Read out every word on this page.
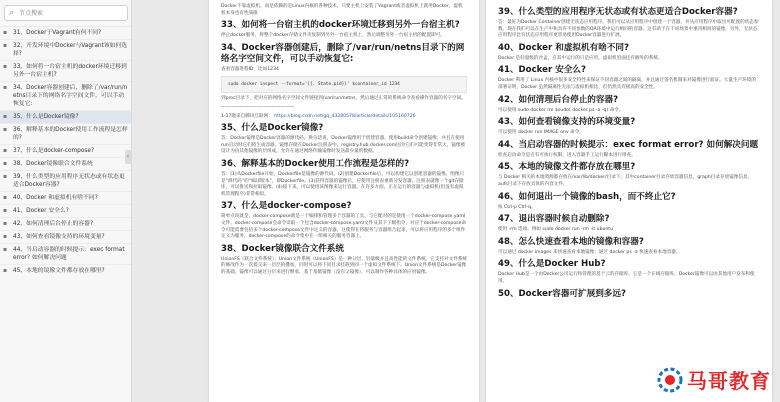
⌕
节点搜索
▪	31、Docker于Vagrant有何不同?
▪	32、开发环境中Docker与Vagrant该如何选择?
▪	33、如何将一台宿主机的docker环境迁移到另外一台宿主机?
▪	34、Docker容器创建后，删除了/var/run/netns目录下的网络名字空间文件，可以手动恢复它:
▪	35、什么是Docker镜像?
▪	36、解释基本的Docker使用工作流程是怎样的?
▪	37、什么是docker-compose?
▪	38、Docker镜像联合文件系统
▪	39、什么类型的应用程序无状态或有状态更适合Docker容器?
▪	40、Docker 和虚拟机有啥不同?
▪	41、Docker 安全么?
▪	42、如何清理后台停止的容器?
▪	43、如何查看镜像支持的环境变量?
▪	44、当启动容器的时候提示：exec format error? 如何解决问题
▪	45、本地的镜像文件都存放在哪里?
‹
Docker不靠虚拟机。而是依赖的是Linux内核的各种技术，只要主机上安装了Vagrant或者虚拟机上就用Docker，虚机机本身也有性质限
33、如何将一台宿主机的docker环境迁移到另外一台宿主机?
停止docker服务，将整个docker存储文件夹复制到另外一台宿主机上，然后调整另外一台宿主机的配置即可。
34、Docker容器创建后，删除了/var/run/netns目录下的网络名字空间文件，可以手动恢复它:
查看容器进程ID，比如1234
sudo docker inspect --format='{{. State.pid}}' $container_id 1234
到proc目录下，把对应的网络名字空间文件链接到/var/run/netns，然后通过正常的系统命令查看操作容器的名字空间。
————————————————
1-17题来自腾讯互联网： https://blog.csdn.net/gq_43280578/article/details/105160726
35、什么是Docker镜像?
答：Docker镜像是Docker容器的源代码。换句话说，Docker镜像用于创建容器。使用build命令创建镜像，并且在使用run启动时它们将生成容器。镜像存储在Docker注册表中，registry.hub.docker.com因为它们可能变得非常大，镜像被设计为由其他镜像的层组成，允许在通过网络传输镜像时发送最少量的数据。
36、解释基本的Docker使用工作流程是怎样的?
答：(1)从Dockerfile开始，Dockerfile是镜像的源代码。(2)创建Dockerfile后，可以构建它以创建容器的镜像。图像只是“源代码”的“编译版本”，即Dockerfile。(3)获得容器的镜像后，应使用注册表重新分发容器。注册表就像一个git存储库，可以推送和拉取镜像。(4)接下来，可以使用该图像来运行容器。在许多方面，正在运行的容器与虚拟机(但没有虚拟机管理程序)非常相似。
37、什么是docker-compose?
简单点说就是，docker-compose就是一个编排和管理多个容器的工具，与它配对的是使用一个docker-compose.yaml文件。docker-compose会命令读取一个包含docker-compose.yaml文件及其下子级指令，对应于docker-compose命令可能需要包括多个docker-compose文件中定义的容器。这使得在将服务与容器组合起来，可以将应用程序的多个组件定义为服务。docker-compose的命令集中在一组相关的服务容器上。
38、Docker镜像联合文件系统
UnionFS（联合文件系统）：Union文件系统（UnionFS）是一种分层、轻量级并且高性能的文件系统。它支持对文件系统的修改作为一次提交来一层层的叠加，同时可以将不同目录挂载到同一个虚拟文件系统下。Union文件系统是Docker镜像的基础，镜像可以通过分层来进行继承，基于基础镜像（没有父镜像），可以制作各种具体的应用镜像。
39、什么类型的应用程序无状态或有状态更适合Docker容器?
答：最好为Docker Container创建无状态应用程序。我们可以从应用程序中创建一个容器，并从应用程序中取出可配置的状态参数。现在我们可以在生产中和具有不同参数的QA环境中运行相同的容器。这有助于在不同场景中重用相同的镜像。另外，无状态应用程序比有状态应用程序更容易使用Docker容器进行扩展。
40、Docker 和虚拟机有啥不同?
Docker 是轻量级的沙盒，在其中运行的只是应用，虚拟机里面还有额外的系统。
41、Docker 安全么?
Docker 利用了 Linux 内核中很多安全特性来保证不同容器之间的隔离，并且通过签名机制来对镜像进行验证。大量生产环境的部署证明，Docker 虽然隔离性无法与虚拟机相比，但仍然具有极高的安全性。
42、如何清理后台停止的容器?
可以使用 sudo docker rm $sudo( docker ps -a -q) 命令。
43、如何查看镜像支持的环境变量?
可以使用 docker run IMAGE env 命令。
44、当启动容器的时候提示：exec format error? 如何解决问题
检查启动命令是否有可执行权限，进入容器手工运行脚本进行排查。
45、本地的镜像文件都存放在哪里?
与 Docker 相关的本地资源都存放在/var/lib/docker/目录下，其中container目录存放容器信息，graph目录存放镜像信息，aufs目录下存放具体的内容文件。
46、如何退出一个镜像的bash，而不终止它?
按 Ctrl-p Ctrl-q。
47、退出容器时候自动删除?
使用 -rm 选项，例如 sudo docker run -rm -it ubuntu
48、怎么快速查看本地的镜像和容器?
可以通过 docker images 来快速查看本地镜像；通过 docker ps -a 快速查看本地容器。
49、什么是Docker Hub?
Docker Hub是一个由Docker公司运行和管理的基于云的存储库。它是一个在线存储库，Docker镜像可以由其他用户发布和使用。
50、Docker容器可扩展到多远?
马哥教育
